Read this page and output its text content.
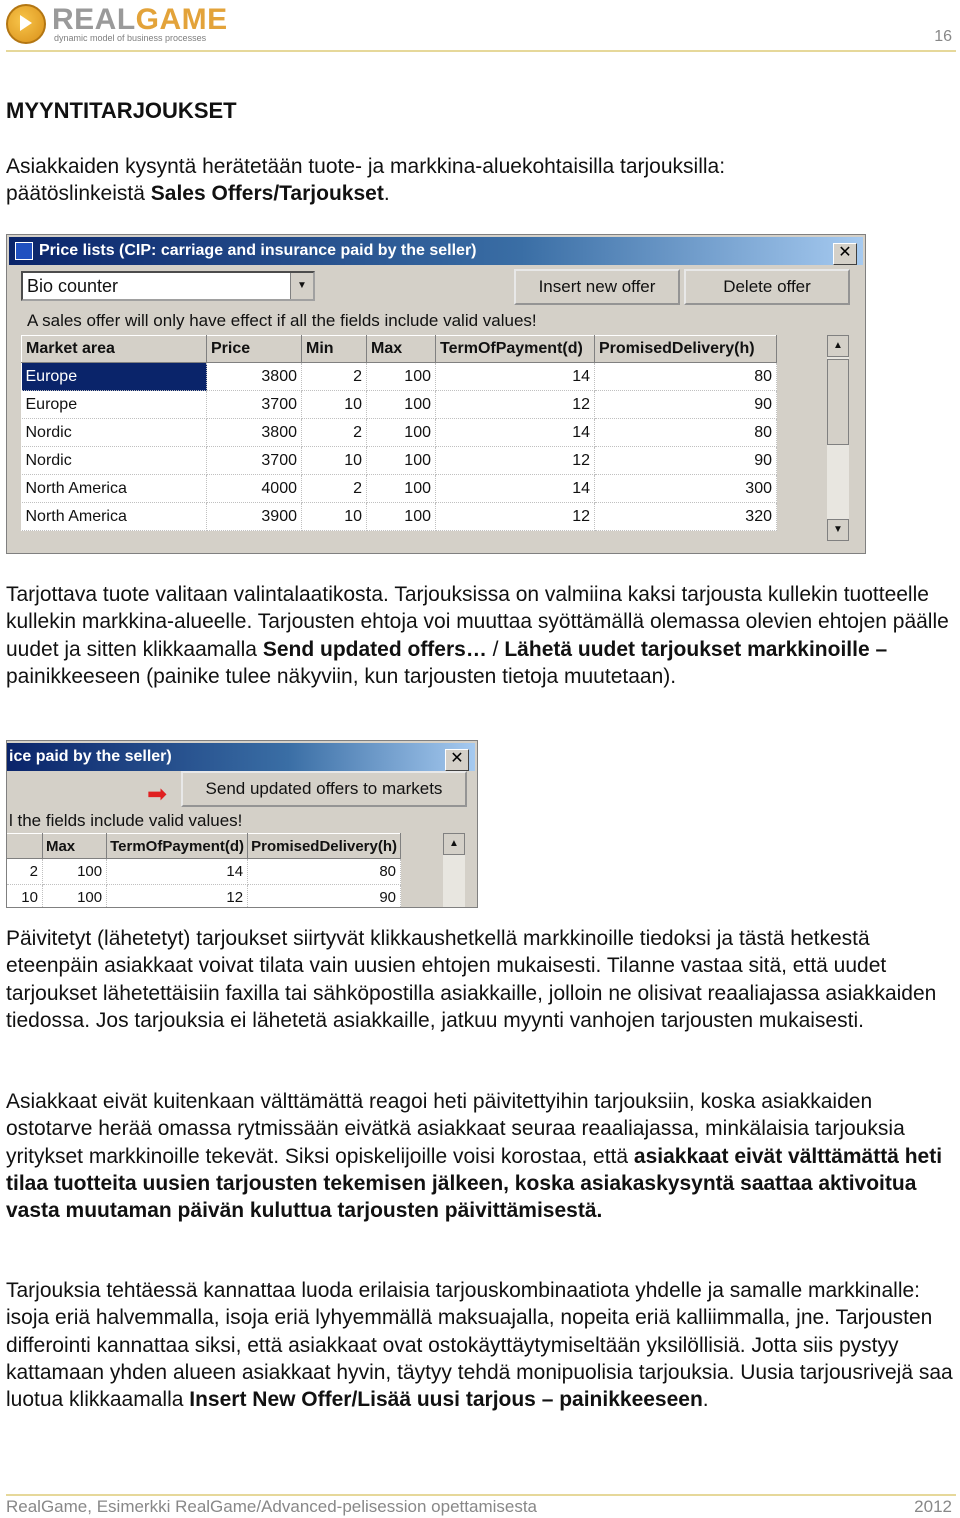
REALGAME
dynamic model of business processes	16
MYYNTITARJOUKSET
Asiakkaiden kysyntä herätetään tuote- ja markkina-aluekohtaisilla tarjouksilla:
päätöslinkeistä Sales Offers/Tarjoukset.
Price lists (CIP: carriage and insurance paid by the seller)	✕
Bio counter	▼	Insert new offer	Delete offer
A sales offer will only have effect if all the fields include valid values!
Market area	Price	Min	Max	TermOfPayment(d)	PromisedDelivery(h)
Europe	3800	2	100	14	80
Europe	3700	10	100	12	90
Nordic	3800	2	100	14	80
Nordic	3700	10	100	12	90
North America	4000	2	100	14	300
North America	3900	10	100	12	320
▲
▼
Tarjottava tuote valitaan valintalaatikosta. Tarjouksissa on valmiina kaksi tarjousta kullekin tuotteelle kullekin markkina-alueelle. Tarjousten ehtoja voi muuttaa syöttämällä olemassa olevien ehtojen päälle uudet ja sitten klikkaamalla Send updated offers… / Lähetä uudet tarjoukset markkinoille –painikkeeseen (painike tulee näkyviin, kun tarjousten tietoja muutetaan).
ice paid by the seller)	✕
➡	Send updated offers to markets
l the fields include valid values!
	Max	TermOfPayment(d)	PromisedDelivery(h)
2	100	14	80
10	100	12	90
▲
Päivitetyt (lähetetyt) tarjoukset siirtyvät klikkaushetkellä markkinoille tiedoksi ja tästä hetkestä eteenpäin asiakkaat voivat tilata vain uusien ehtojen mukaisesti. Tilanne vastaa sitä, että uudet tarjoukset lähetettäisiin faxilla tai sähköpostilla asiakkaille, jolloin ne olisivat reaaliajassa asiakkaiden tiedossa. Jos tarjouksia ei lähetetä asiakkaille, jatkuu myynti vanhojen tarjousten mukaisesti.
Asiakkaat eivät kuitenkaan välttämättä reagoi heti päivitettyihin tarjouksiin, koska asiakkaiden ostotarve herää omassa rytmissään eivätkä asiakkaat seuraa reaaliajassa, minkälaisia tarjouksia yritykset markkinoille tekevät. Siksi opiskelijoille voisi korostaa, että asiakkaat eivät välttämättä heti tilaa tuotteita uusien tarjousten tekemisen jälkeen, koska asiakaskysyntä saattaa aktivoitua vasta muutaman päivän kuluttua tarjousten päivittämisestä.
Tarjouksia tehtäessä kannattaa luoda erilaisia tarjouskombinaatiota yhdelle ja samalle markkinalle: isoja eriä halvemmalla, isoja eriä lyhyemmällä maksuajalla, nopeita eriä kalliimmalla, jne. Tarjousten differointi kannattaa siksi, että asiakkaat ovat ostokäyttäytymiseltään yksilöllisiä. Jotta siis pystyy kattamaan yhden alueen asiakkaat hyvin, täytyy tehdä monipuolisia tarjouksia. Uusia tarjousrivejä saa luotua klikkaamalla Insert New Offer/Lisää uusi tarjous – painikkeeseen.
RealGame, Esimerkki RealGame/Advanced-pelisession opettamisesta	2012
